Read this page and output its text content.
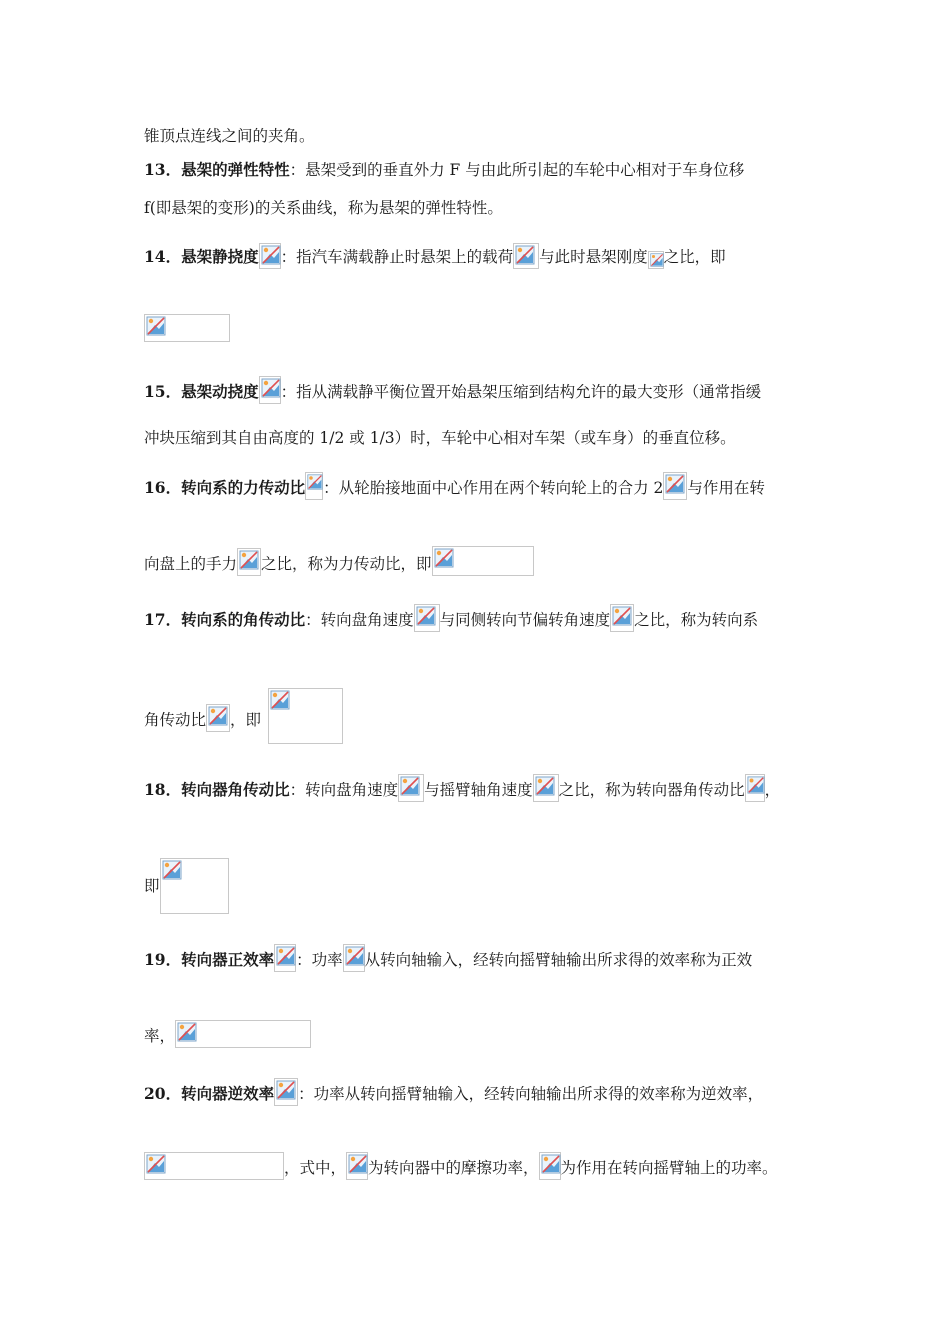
锥顶点连线之间的夹角。
13． 悬架的弹性特性 ：悬架受到的垂直外力 F 与由此所引起的车轮中心相对于车身位移
f(即悬架的变形)的关系曲线，称为悬架的弹性特性。
14． 悬架静挠度 ：指汽车满载静止时悬架上的载荷 与此时悬架刚度 之比，即
15． 悬架动挠度 ：指从满载静平衡位置开始悬架压缩到结构允许的最大变形（通常指缓
冲块压缩到其自由高度的 1/2 或 1/3）时，车轮中心相对车架（或车身）的垂直位移。
16． 转向系的力传动比 ：从轮胎接地面中心作用在两个转向轮上的合力 2 与作用在转
向盘上的手力 之比，称为力传动比，即
17． 转向系的角传动比 ：转向盘角速度 与同侧转向节偏转角速度 之比，称为转向系
角传动比 ，即
18． 转向器角传动比 ：转向盘角速度 与摇臂轴角速度 之比，称为转向器角传动比 ，
即
19． 转向器正效率 ：功率 从转向轴输入，经转向摇臂轴输出所求得的效率称为正效
率，
20． 转向器逆效率 ：功率从转向摇臂轴输入，经转向轴输出所求得的效率称为逆效率，
，式中， 为转向器中的摩擦功率， 为作用在转向摇臂轴上的功率。
